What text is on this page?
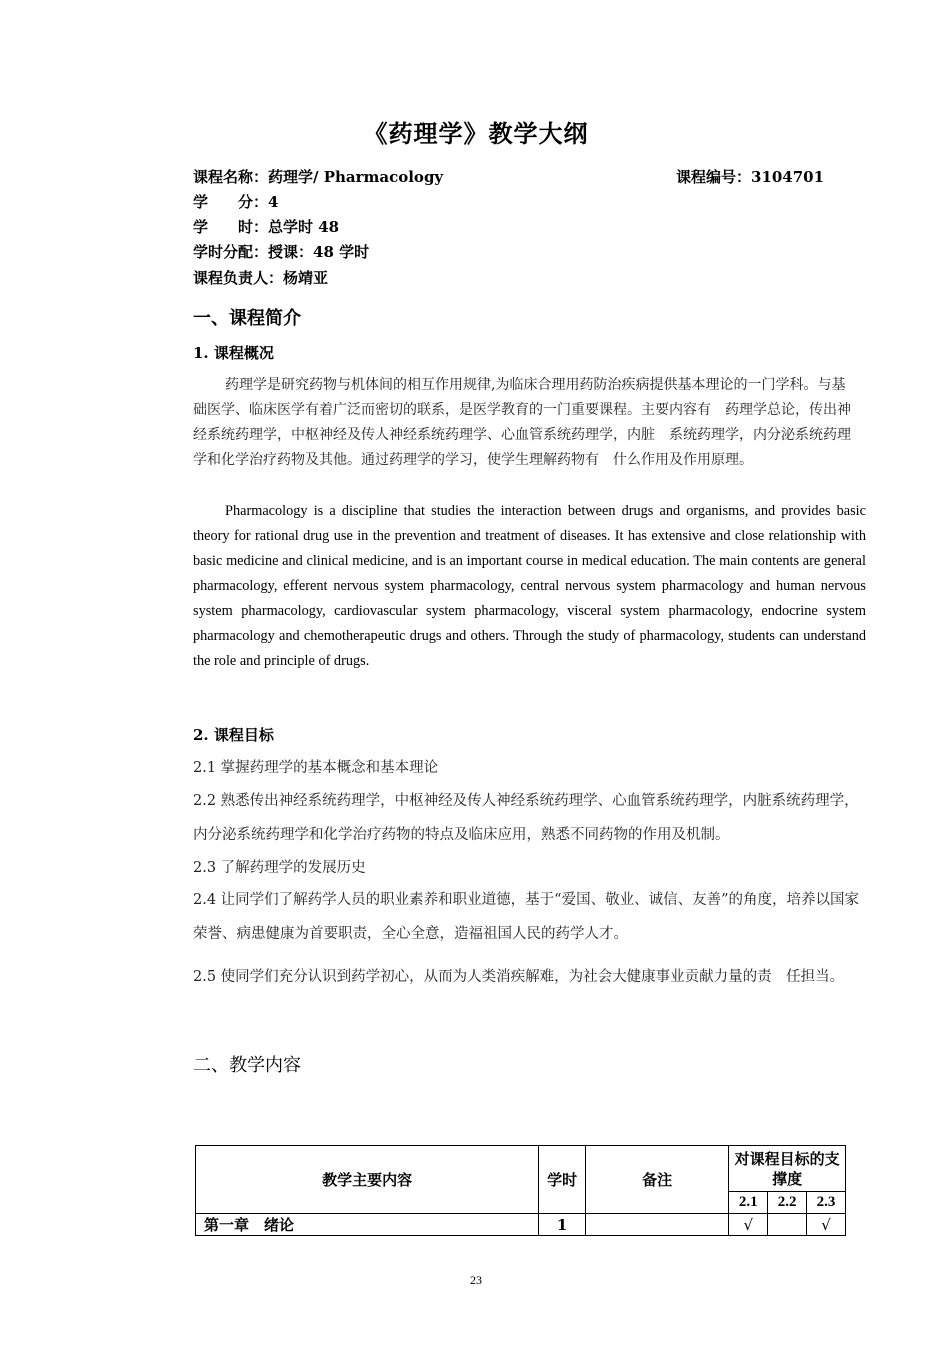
《药理学》教学大纲
课程名称：药理学/ Pharmacology	课程编号：3104701
学　　分：4
学　　时：总学时 48
学时分配：授课：48 学时
课程负责人：杨靖亚
一、课程简介
1. 课程概况
药理学是研究药物与机体间的相互作用规律,为临床合理用药防治疾病提供基本理论的一门学科。与基础医学、临床医学有着广泛而密切的联系，是医学教育的一门重要课程。主要内容有　药理学总论，传出神经系统药理学，中枢神经及传人神经系统药理学、心血管系统药理学，内脏　系统药理学，内分泌系统药理学和化学治疗药物及其他。通过药理学的学习，使学生理解药物有　什么作用及作用原理。
Pharmacology is a discipline that studies the interaction between drugs and organisms, and provides basic theory for rational drug use in the prevention and treatment of diseases. It has extensive and close relationship with basic medicine and clinical medicine, and is an important course in medical education. The main contents are general pharmacology, efferent nervous system pharmacology, central nervous system pharmacology and human nervous system pharmacology, cardiovascular system pharmacology, visceral system pharmacology, endocrine system pharmacology and chemotherapeutic drugs and others. Through the study of pharmacology, students can understand the role and principle of drugs.
2. 课程目标
2.1 掌握药理学的基本概念和基本理论
2.2 熟悉传出神经系统药理学，中枢神经及传人神经系统药理学、心血管系统药理学，内脏系统药理学，内分泌系统药理学和化学治疗药物的特点及临床应用，熟悉不同药物的作用及机制。
2.3 了解药理学的发展历史
2.4 让同学们了解药学人员的职业素养和职业道德，基于“爱国、敬业、诚信、友善”的角度，培养以国家荣誉、病患健康为首要职责，全心全意，造福祖国人民的药学人才。
2.5 使同学们充分认识到药学初心，从而为人类消疾解难，为社会大健康事业贡献力量的责　任担当。
二、教学内容
教学主要内容	学时	备注	对课程目标的支撑度		
			2.1	2.2	2.3
第一章　绪论	1		√		√
23
